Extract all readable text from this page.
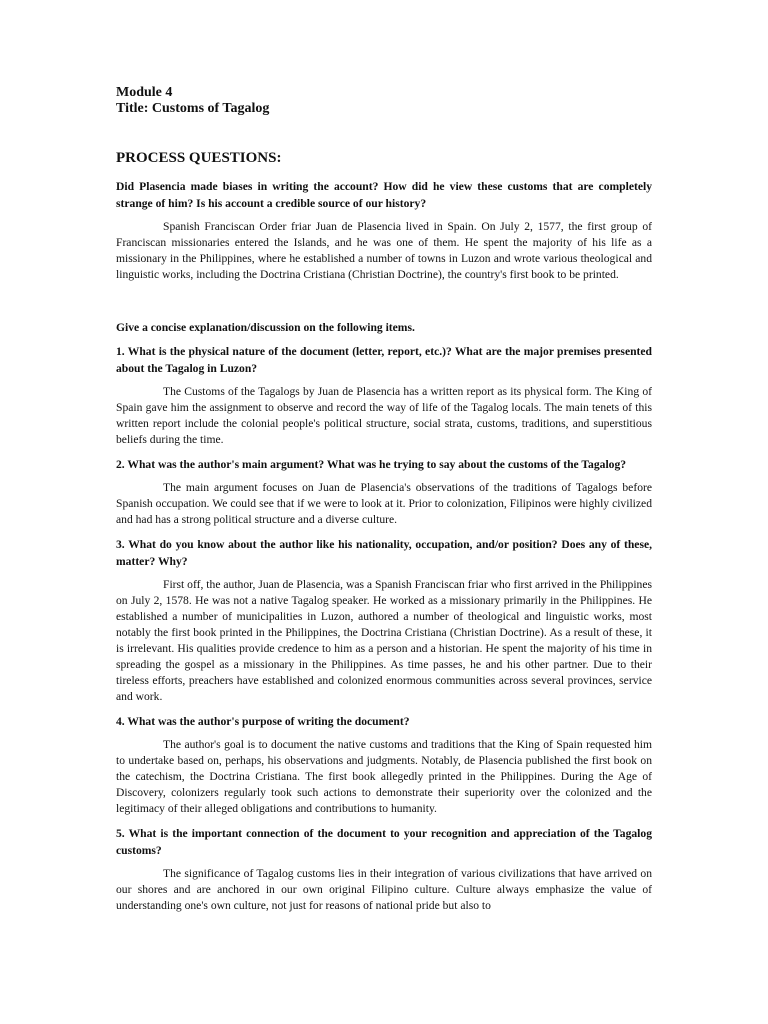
Module 4

Title: Customs of Tagalog

PROCESS QUESTIONS:

Did Plasencia made biases in writing the account? How did he view these customs that are completely strange of him? Is his account a credible source of our history?

Spanish Franciscan Order friar Juan de Plasencia lived in Spain. On July 2, 1577, the first group of Franciscan missionaries entered the Islands, and he was one of them. He spent the majority of his life as a missionary in the Philippines, where he established a number of towns in Luzon and wrote various theological and linguistic works, including the Doctrina Cristiana (Christian Doctrine), the country's first book to be printed.

Give a concise explanation/discussion on the following items.

1. What is the physical nature of the document (letter, report, etc.)? What are the major premises presented about the Tagalog in Luzon?

The Customs of the Tagalogs by Juan de Plasencia has a written report as its physical form. The King of Spain gave him the assignment to observe and record the way of life of the Tagalog locals. The main tenets of this written report include the colonial people's political structure, social strata, customs, traditions, and superstitious beliefs during the time.

2. What was the author's main argument? What was he trying to say about the customs of the Tagalog?

The main argument focuses on Juan de Plasencia's observations of the traditions of Tagalogs before Spanish occupation. We could see that if we were to look at it. Prior to colonization, Filipinos were highly civilized and had has a strong political structure and a diverse culture.

3. What do you know about the author like his nationality, occupation, and/or position? Does any of these, matter? Why?

First off, the author, Juan de Plasencia, was a Spanish Franciscan friar who first arrived in the Philippines on July 2, 1578. He was not a native Tagalog speaker. He worked as a missionary primarily in the Philippines. He established a number of municipalities in Luzon, authored a number of theological and linguistic works, most notably the first book printed in the Philippines, the Doctrina Cristiana (Christian Doctrine). As a result of these, it is irrelevant. His qualities provide credence to him as a person and a historian. He spent the majority of his time in spreading the gospel as a missionary in the Philippines. As time passes, he and his other partner. Due to their tireless efforts, preachers have established and colonized enormous communities across several provinces, service and work.

4. What was the author's purpose of writing the document?

The author's goal is to document the native customs and traditions that the King of Spain requested him to undertake based on, perhaps, his observations and judgments. Notably, de Plasencia published the first book on the catechism, the Doctrina Cristiana. The first book allegedly printed in the Philippines. During the Age of Discovery, colonizers regularly took such actions to demonstrate their superiority over the colonized and the legitimacy of their alleged obligations and contributions to humanity.

5. What is the important connection of the document to your recognition and appreciation of the Tagalog customs?

The significance of Tagalog customs lies in their integration of various civilizations that have arrived on our shores and are anchored in our own original Filipino culture. Culture always emphasize the value of understanding one's own culture, not just for reasons of national pride but also to
